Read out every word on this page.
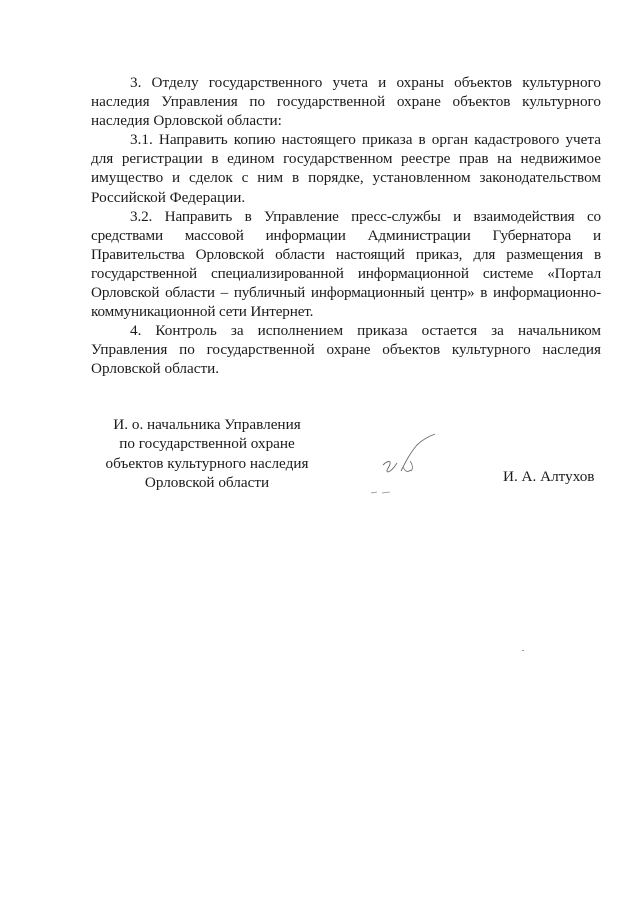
3. Отделу государственного учета и охраны объектов культурного наследия Управления по государственной охране объектов культурного наследия Орловской области:

3.1. Направить копию настоящего приказа в орган кадастрового учета для регистрации в едином государственном реестре прав на недвижимое имущество и сделок с ним в порядке, установленном законодательством Российской Федерации.

3.2. Направить в Управление пресс-службы и взаимодействия со средствами массовой информации Администрации Губернатора и Правительства Орловской области настоящий приказ, для размещения в государственной специализированной информационной системе «Портал Орловской области – публичный информационный центр» в информационно-коммуникационной сети Интернет.

4. Контроль за исполнением приказа остается за начальником Управления по государственной охране объектов культурного наследия Орловской области.

И. о. начальника Управления
по государственной охране
объектов культурного наследия
Орловской области	И. А. Алтухов
